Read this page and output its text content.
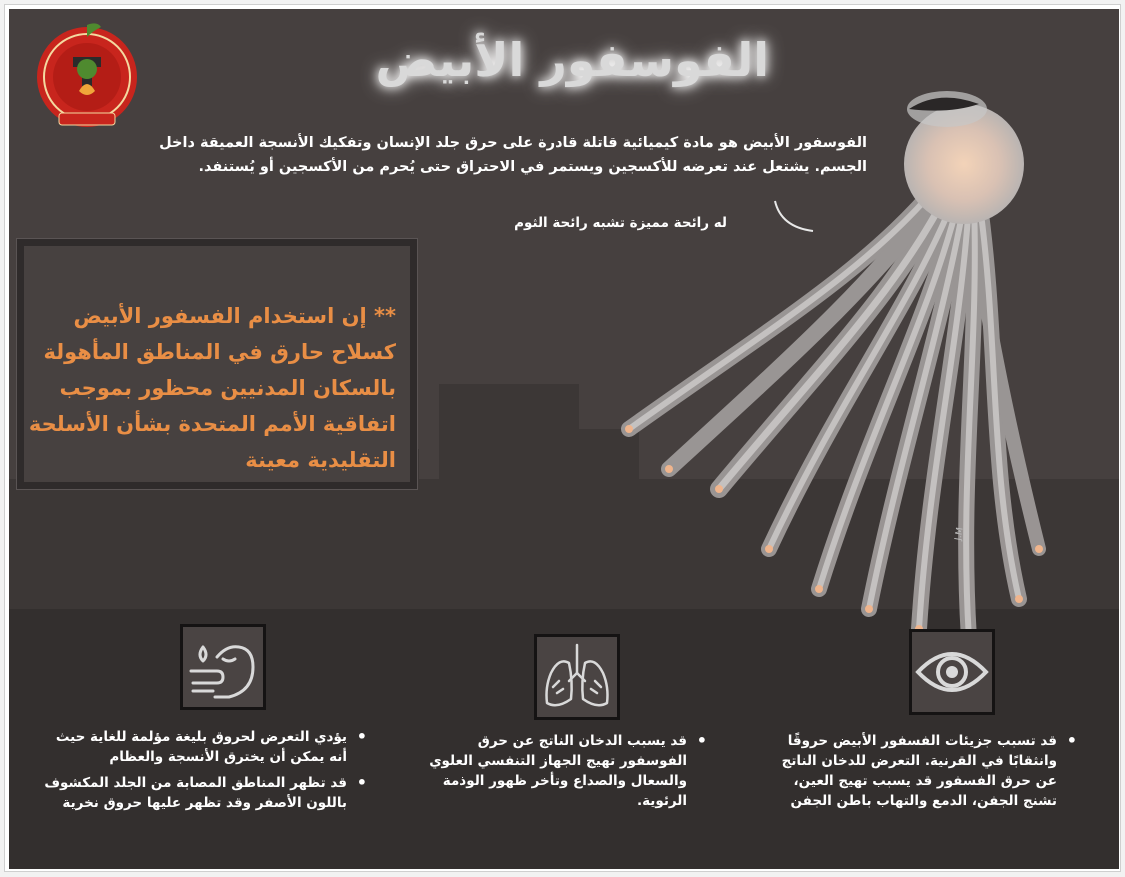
الفوسفور الأبيض
الفوسفور الأبيض هو مادة كيميائية قاتلة قادرة على حرق جلد الإنسان وتفكيك الأنسجة العميقة داخل الجسم. يشتعل عند تعرضه للأكسجين ويستمر في الاحتراق حتى يُحرم من الأكسجين أو يُستنفد.
له رائحة مميزة تشبه رائحة الثوم
J.M
** إن استخدام الفسفور الأبيض كسلاح حارق في المناطق المأهولة بالسكان المدنيين محظور بموجب اتفاقية الأمم المتحدة بشأن الأسلحة التقليدية معينة
• قد تسبب جزيئات الفسفور الأبيض حروقًا وانثقابًا في القرنية. التعرض للدخان الناتج عن حرق الفسفور قد يسبب تهيج العين، تشنج الجفن، الدمع والتهاب باطن الجفن
• قد يسبب الدخان الناتج عن حرق الفوسفور تهيج الجهاز التنفسي العلوي والسعال والصداع وتأخر ظهور الوذمة الرئوية.
• يؤدي التعرض لحروق بليغة مؤلمة للغاية حيث أنه يمكن أن يخترق الأنسجة والعظام
• قد تظهر المناطق المصابة من الجلد المكشوف باللون الأصفر وقد تظهر عليها حروق نخرية
